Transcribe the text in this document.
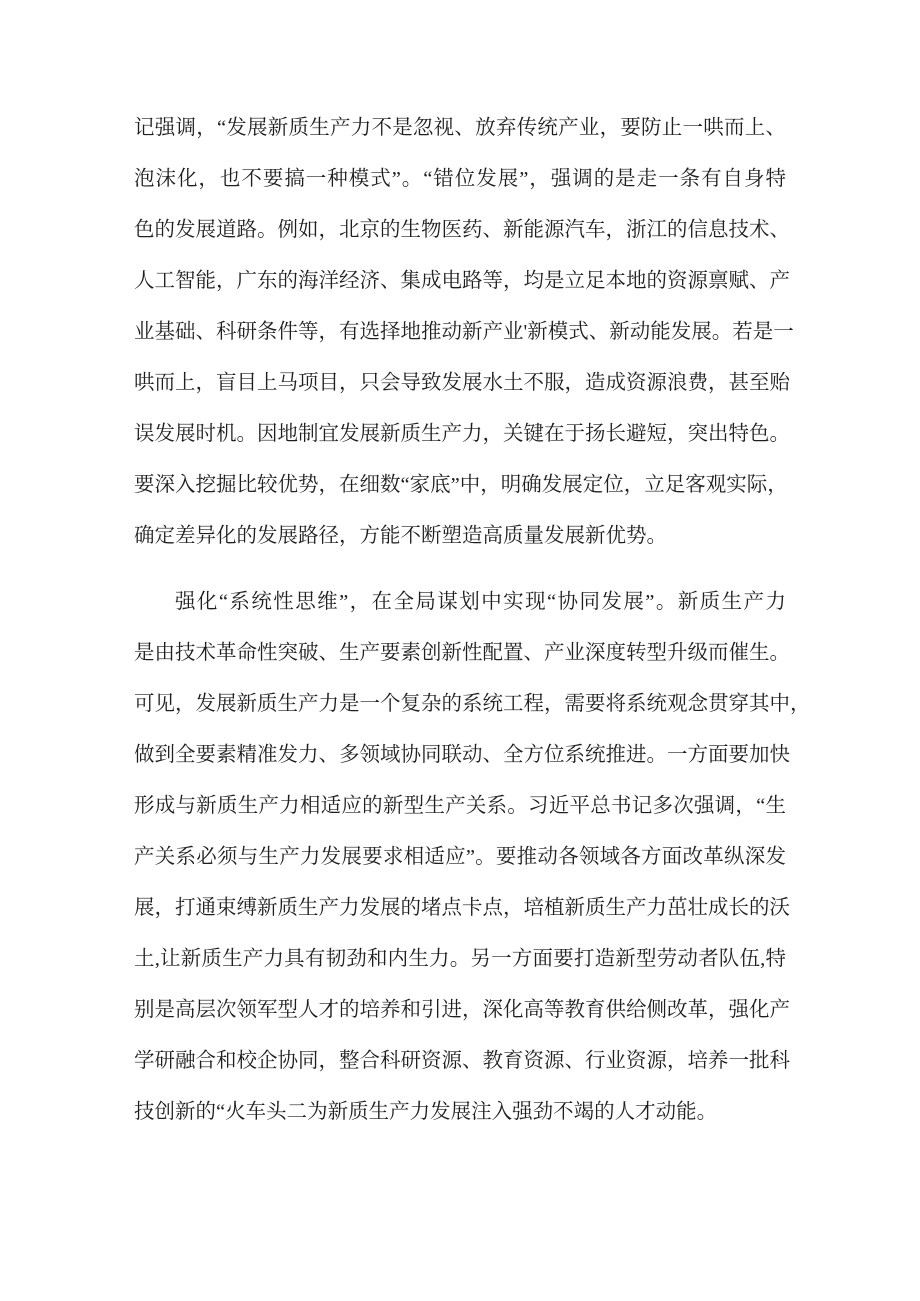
记强调，“发展新质生产力不是忽视、放弃传统产业，要防止一哄而上、
泡沫化，也不要搞一种模式”。“错位发展”，强调的是走一条有自身特
色的发展道路。例如，北京的生物医药、新能源汽车，浙江的信息技术、
人工智能，广东的海洋经济、集成电路等，均是立足本地的资源禀赋、产
业基础、科研条件等，有选择地推动新产业'新模式、新动能发展。若是一
哄而上，盲目上马项目，只会导致发展水土不服，造成资源浪费，甚至贻
误发展时机。因地制宜发展新质生产力，关键在于扬长避短，突出特色。
要深入挖掘比较优势，在细数“家底”中，明确发展定位，立足客观实际，
确定差异化的发展路径，方能不断塑造高质量发展新优势。
强化“系统性思维”，在全局谋划中实现“协同发展”。新质生产力
是由技术革命性突破、生产要素创新性配置、产业深度转型升级而催生。
可见，发展新质生产力是一个复杂的系统工程，需要将系统观念贯穿其中，
做到全要素精准发力、多领域协同联动、全方位系统推进。一方面要加快
形成与新质生产力相适应的新型生产关系。习近平总书记多次强调，“生
产关系必须与生产力发展要求相适应”。要推动各领域各方面改革纵深发
展，打通束缚新质生产力发展的堵点卡点，培植新质生产力茁壮成长的沃
土,让新质生产力具有韧劲和内生力。另一方面要打造新型劳动者队伍,特
别是高层次领军型人才的培养和引进，深化高等教育供给侧改革，强化产
学研融合和校企协同，整合科研资源、教育资源、行业资源，培养一批科
技创新的“火车头二为新质生产力发展注入强劲不竭的人才动能。
